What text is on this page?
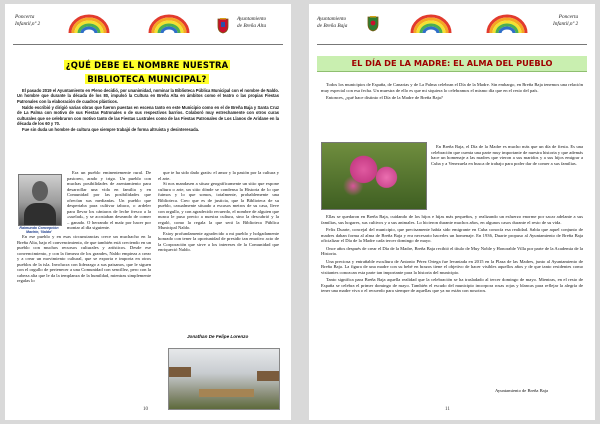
Poncerta
Infantil,nº 2
Ayuntamiento
de Breña Alta
¿QUÉ DEBE EL NOMBRE NUESTRA
BIBLIOTECA MUNICIPAL?

El pasado 2019 el Ayuntamiento en Pleno decidió, por unanimidad, nominar la Biblioteca Pública Municipal con el nombre de Naldo. Un hombre que durante la década de los 80, impulsó la Cultura en Breña Alta en ámbitos como el teatro o las propias Fiestas Patronales con la elaboración de cuadros plásticos.

Naldo escribió y dirigió varias obras que fueron puestas en escena tanto en este Municipio como en el de Breña Baja y Santa Cruz de La Palma con motivo de sus Fiestas Patronales o de sus respectivos barrios. Colaboró muy estrechamente con otros curas culturales que se celebraron con motivo tanto de las Fiestas Lustrales como de las Fiestas Patronales de Los Llanos de Aridane en la década de los 60 y 70.

Fue sin duda un hombre de cultura que siempre trabajó de forma altruista y desinteresada.

Raimundo Concepción
Machín, 'Naldo'

Era un pueblo eminentemente rural. De pastoreo, arado y trigo. Un pueblo con muchas posibilidades de asentamiento para desarrollar una vida en familia y en Comunidad por las posibilidades que ofrecían sus medianías. Un pueblo que despertaba para cultivar tabaco, o ardeler para llevar los cántaros de leche fresco a la «suelad», y se acostaban deseando de comer – ganado. O herrando el maíz por hacer por montar al día siguiente.

En ese pueblo y en esas circunstancias crece un muchacho en la Breña Alta, bajo el convencimiento, de que también está creciendo en un pueblo con muchos recursos culturales y artísticos. Desde ese convencimiento, y con la firmeza de los grandes, Naldo empieza a crear y a crear un movimiento cultural, que se exporta e importa en otros pueblos de la isla. Involucra con liderazgo a sus paisanos, que le siguen con el orgullo de pertenecer a una Comunidad con sencillez, pero con la cabeza alta que le da la templanza de la humildad, mientras simplemente regalas lo

que te ha sido dado gratis: el amor y la pasión por la cultura y el arte.

Si nos mandasen a situar geográficamente un sitio que expone cultura o arte, un sitio dónde se condensa la Historia de lo que fuimos y lo que somos, totalmente, probablemente una Biblioteca. Creo que es de justicia, que la Biblioteca de su pueblo, casualmente situado a escasos metros de su casa, lleve con orgullo, y con agradecido recuerdo, el nombre de alguien que nunca le puso precio a nuestra cultura, sino la descubrió y la regaló, como la regala la que será la Biblioteca Pública Municipal Naldo.

Estoy profundamente agradecido a mi pueblo y holgadamente honrado con tener la oportunidad de presidir tan emotivo acto de la Corporación que sirve a los intereses de la Comunidad que enriqueció Naldo.

Jonathan De Felipe Lorenzo
10
Ayuntamiento
de Breña Baja
Poncerta
Infantil,nº 2
EL DÍA DE LA MADRE: EL ALMA DEL PUEBLO

Todos los municipios de España, de Canarias y de La Palma celebran el Día de la Madre. Sin embargo, en Breña Baja tenemos una relación muy especial con esa fecha. Un muestra de ello es que mi siquiera lo celebramos el mismo día que en el resto del país.

Entonces, ¿qué hace distinto el Día de la Madre de Breña Baja?

En Breña Baja, el Día de la Madre es mucho más que un día de fiesta. Es una celebración que cuenta una parte muy importante de nuestra historia y que además hace un homenaje a las madres que vieron a sus maridos y a sus hijos emigrar a Cuba y a Venezuela en busca de trabajo para poder dar de comer a sus familias.

Ellas se quedaron en Breña Baja, cuidando de los hijos e hijas más pequeños, y realizando un esfuerzo enorme por sacar adelante a sus familias, sus hogares, sus cultivos y a sus animales. Lo hicieron durante muchos años, en algunos casos durante el resto de su vida.

Felix Duarte, concejal del municipio, que precisamente había sido emigrante en Cuba conocía esa realidad. Sabía que aquel conjunto de madres daban forma al alma de Breña Baja y era necesario hacerles un homenaje. En 1936, Duarte propuso al Ayuntamiento de Breña Baja oficializar el Día de la Madre cada tercer domingo de mayo.

Once años después de crear el Día de la Madre, Breña Baja recibió el título de Muy Noble y Honorable Villa por parte de la Academia de la Historia.

Una preciosa y entrañable escultura de Antonio Pérez Ortega fue levantada en 2015 en la Plaza de las Madres, junto al Ayuntamiento de Breña Baja. La figura de una madre con su bebé en brazos tiene el objetivo de hacer visibles aquellos años y de que tanto residentes como visitantes conozcan esta parte tan importante para la historia del municipio.

Tanto significa para Breña Baja aquella realidad que la celebración se ha trasladado al tercer domingo de mayo. Mientras, en el resto de España se celebra el primer domingo de mayo. También el escudo del municipio incorpora rosas rojas y blancas para reflejar la alegría de tener una madre viva o el recuerdo para siempre de aquellas que ya no están con nosotros.

Ayuntamiento de Breña Baja
11
